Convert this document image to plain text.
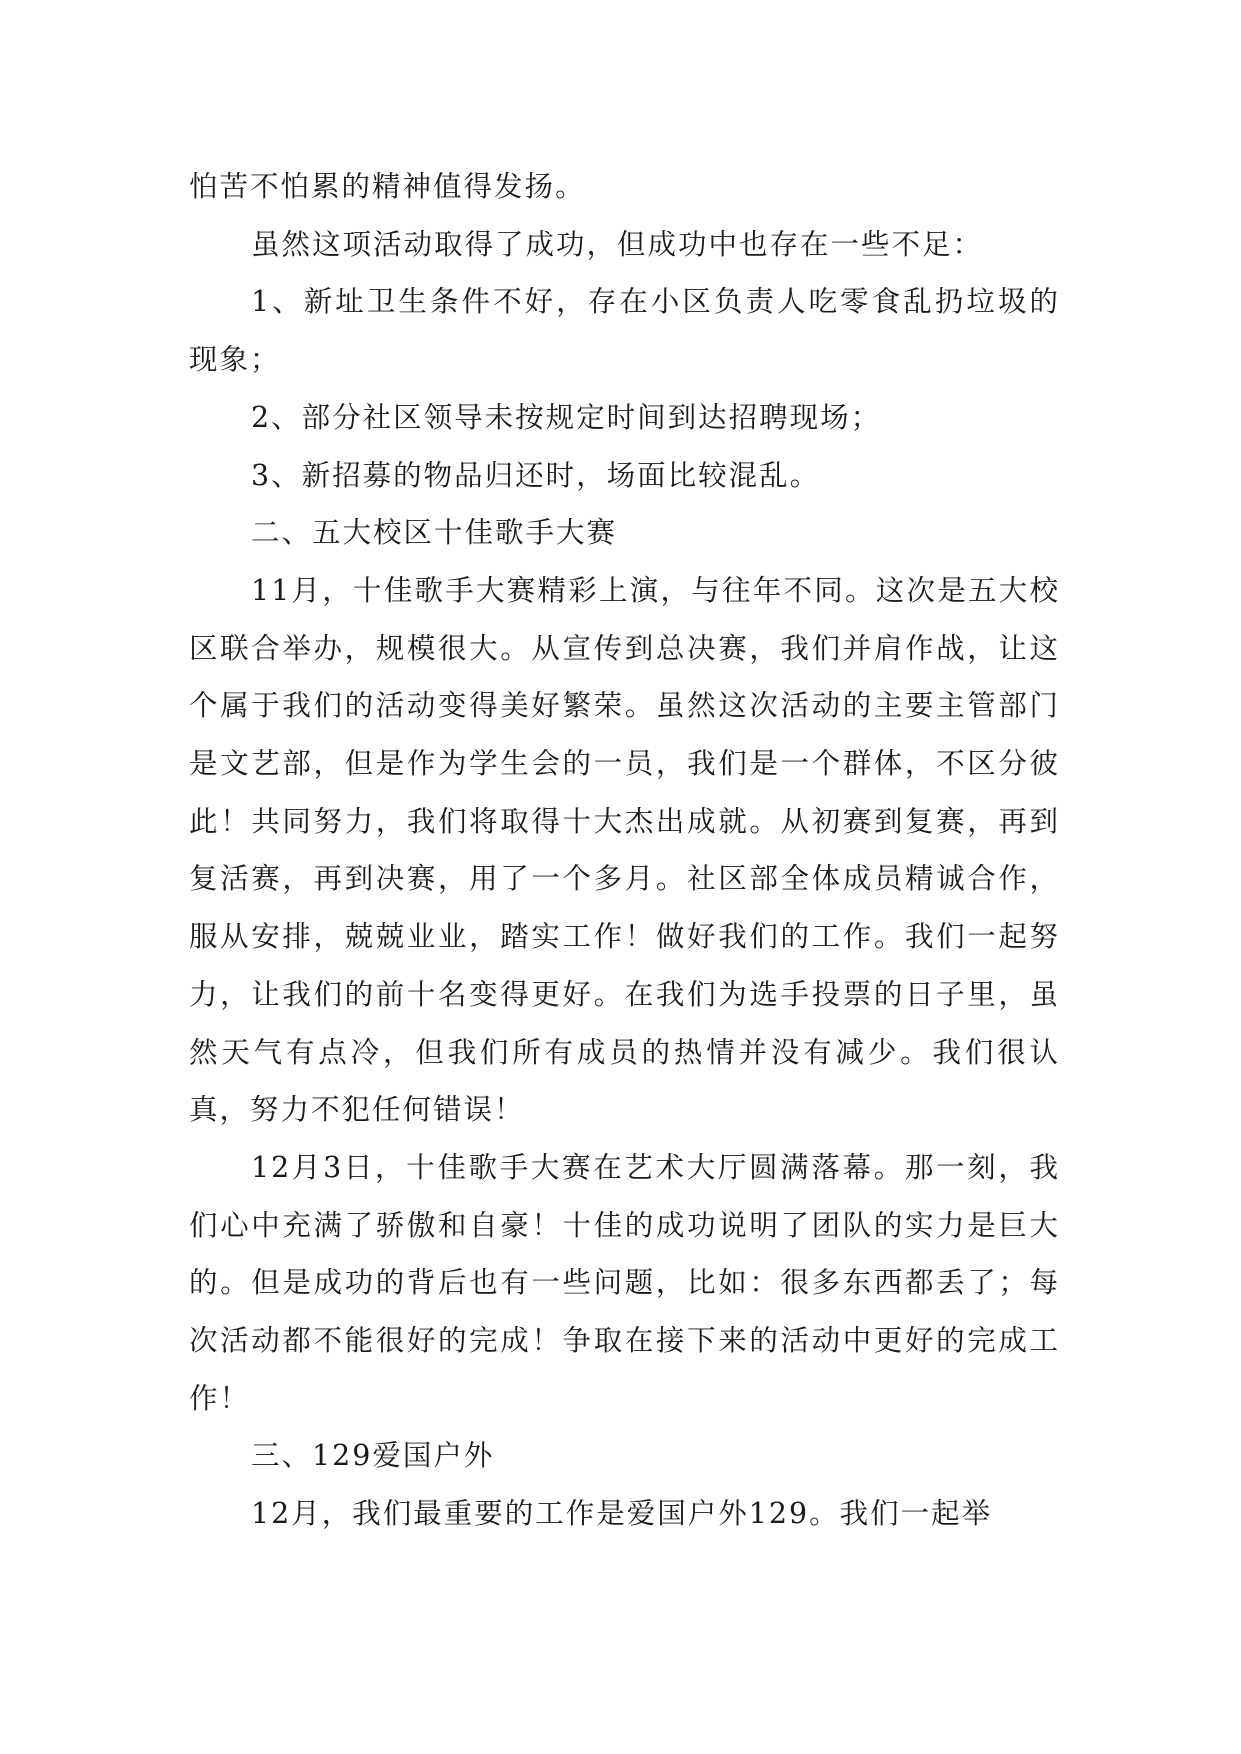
怕苦不怕累的精神值得发扬。

虽然这项活动取得了成功，但成功中也存在一些不足：

1、新址卫生条件不好，存在小区负责人吃零食乱扔垃圾的现象；

2、部分社区领导未按规定时间到达招聘现场；

3、新招募的物品归还时，场面比较混乱。

二、五大校区十佳歌手大赛

11月，十佳歌手大赛精彩上演，与往年不同。这次是五大校区联合举办，规模很大。从宣传到总决赛，我们并肩作战，让这个属于我们的活动变得美好繁荣。虽然这次活动的主要主管部门是文艺部，但是作为学生会的一员，我们是一个群体，不区分彼此！共同努力，我们将取得十大杰出成就。从初赛到复赛，再到复活赛，再到决赛，用了一个多月。社区部全体成员精诚合作，服从安排，兢兢业业，踏实工作！做好我们的工作。我们一起努力，让我们的前十名变得更好。在我们为选手投票的日子里，虽然天气有点冷，但我们所有成员的热情并没有减少。我们很认真，努力不犯任何错误！

12月3日，十佳歌手大赛在艺术大厅圆满落幕。那一刻，我们心中充满了骄傲和自豪！十佳的成功说明了团队的实力是巨大的。但是成功的背后也有一些问题，比如：很多东西都丢了；每次活动都不能很好的完成！争取在接下来的活动中更好的完成工作！

三、129爱国户外

12月，我们最重要的工作是爱国户外129。我们一起举
